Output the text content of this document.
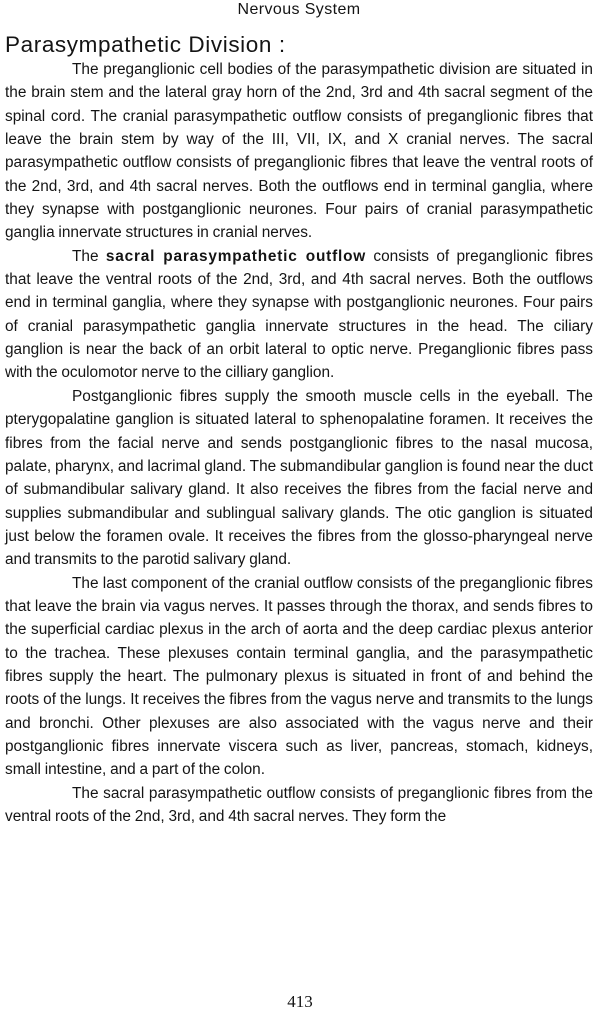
Nervous System
Parasympathetic Division :

The preganglionic cell bodies of the parasympathetic division are situated in the brain stem and the lateral gray horn of the 2nd, 3rd and 4th sacral segment of the spinal cord. The cranial parasympathetic outflow consists of preganglionic fibres that leave the brain stem by way of the III, VII, IX, and X cranial nerves. The sacral parasympathetic outflow consists of preganglionic fibres that leave the ventral roots of the 2nd, 3rd, and 4th sacral nerves. Both the outflows end in terminal ganglia, where they synapse with postganglionic neurones. Four pairs of cranial parasympathetic ganglia innervate structures in cranial nerves.

The sacral parasympathetic outflow consists of preganglionic fibres that leave the ventral roots of the 2nd, 3rd, and 4th sacral nerves. Both the outflows end in terminal ganglia, where they synapse with postganglionic neurones. Four pairs of cranial parasympathetic ganglia innervate structures in the head. The ciliary ganglion is near the back of an orbit lateral to optic nerve. Preganglionic fibres pass with the oculomotor nerve to the cilliary ganglion.

Postganglionic fibres supply the smooth muscle cells in the eyeball. The pterygopalatine ganglion is situated lateral to sphenopalatine foramen. It receives the fibres from the facial nerve and sends postganglionic fibres to the nasal mucosa, palate, pharynx, and lacrimal gland. The submandibular ganglion is found near the duct of submandibular salivary gland. It also receives the fibres from the facial nerve and supplies submandibular and sublingual salivary glands. The otic ganglion is situated just below the foramen ovale. It receives the fibres from the glosso-pharyngeal nerve and transmits to the parotid salivary gland.

The last component of the cranial outflow consists of the preganglionic fibres that leave the brain via vagus nerves. It passes through the thorax, and sends fibres to the superficial cardiac plexus in the arch of aorta and the deep cardiac plexus anterior to the trachea. These plexuses contain terminal ganglia, and the parasympathetic fibres supply the heart. The pulmonary plexus is situated in front of and behind the roots of the lungs. It receives the fibres from the vagus nerve and transmits to the lungs and bronchi. Other plexuses are also associated with the vagus nerve and their postganglionic fibres innervate viscera such as liver, pancreas, stomach, kidneys, small intestine, and a part of the colon.

The sacral parasympathetic outflow consists of preganglionic fibres from the ventral roots of the 2nd, 3rd, and 4th sacral nerves. They form the

413
